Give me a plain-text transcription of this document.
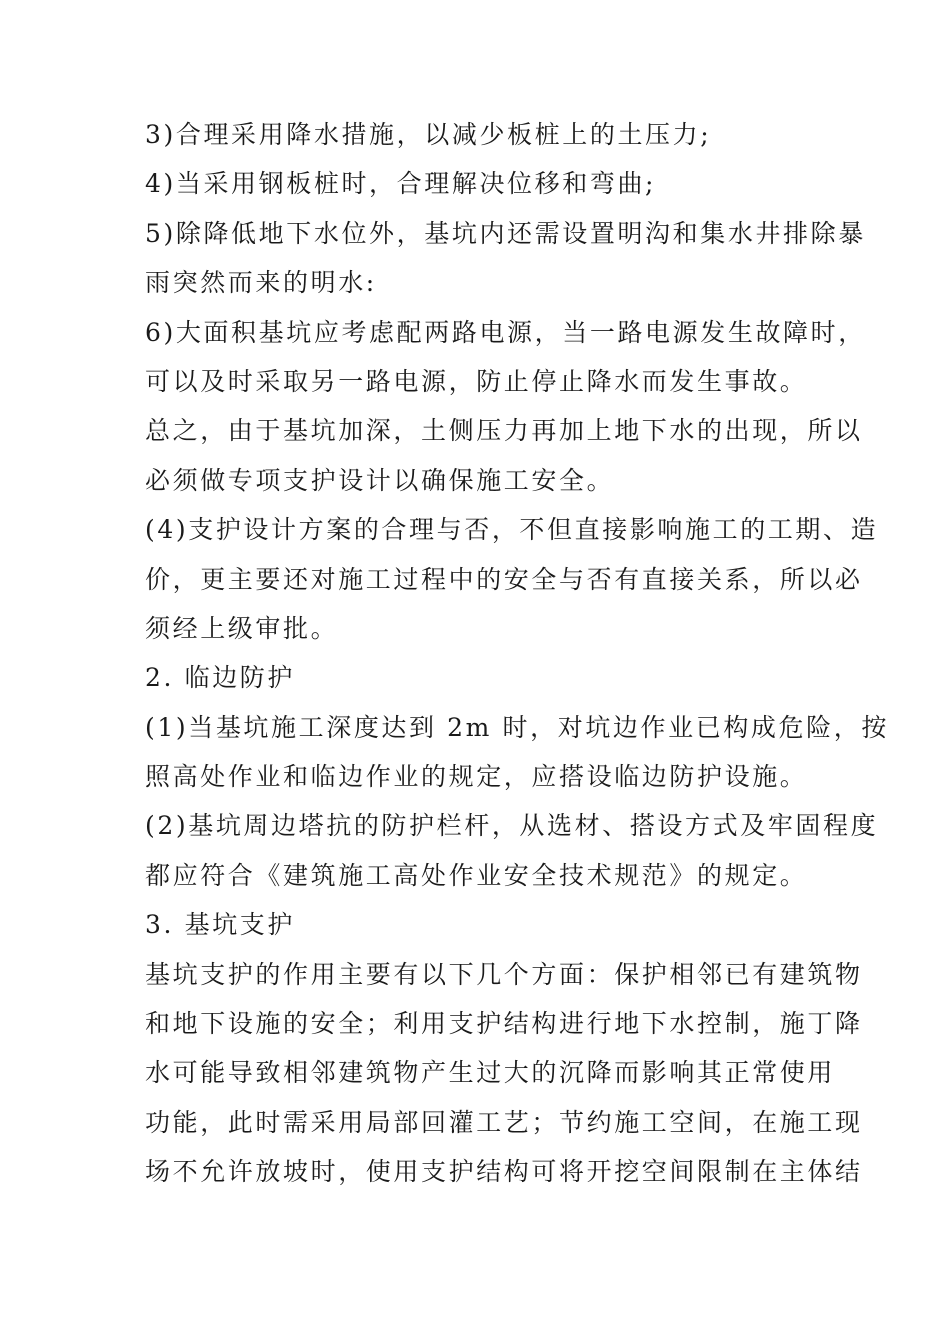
3)合理采用降水措施，以减少板桩上的土压力;
4)当采用钢板桩时，合理解决位移和弯曲;
5)除降低地下水位外，基坑内还需设置明沟和集水井排除暴
雨突然而来的明水:
6)大面积基坑应考虑配两路电源，当一路电源发生故障时，
可以及时采取另一路电源，防止停止降水而发生事故。
总之，由于基坑加深，土侧压力再加上地下水的出现，所以
必须做专项支护设计以确保施工安全。
(4)支护设计方案的合理与否，不但直接影响施工的工期、造
价，更主要还对施工过程中的安全与否有直接关系，所以必
须经上级审批。
2. 临边防护
(1)当基坑施工深度达到 2m 时，对坑边作业已构成危险，按
照高处作业和临边作业的规定，应搭设临边防护设施。
(2)基坑周边塔抗的防护栏杆，从选材、搭设方式及牢固程度
都应符合《建筑施工高处作业安全技术规范》的规定。
3. 基坑支护
基坑支护的作用主要有以下几个方面：保护相邻已有建筑物
和地下设施的安全；利用支护结构进行地下水控制，施丁降
水可能导致相邻建筑物产生过大的沉降而影响其正常使用
功能，此时需采用局部回灌工艺；节约施工空间，在施工现
场不允许放坡时，使用支护结构可将开挖空间限制在主体结
